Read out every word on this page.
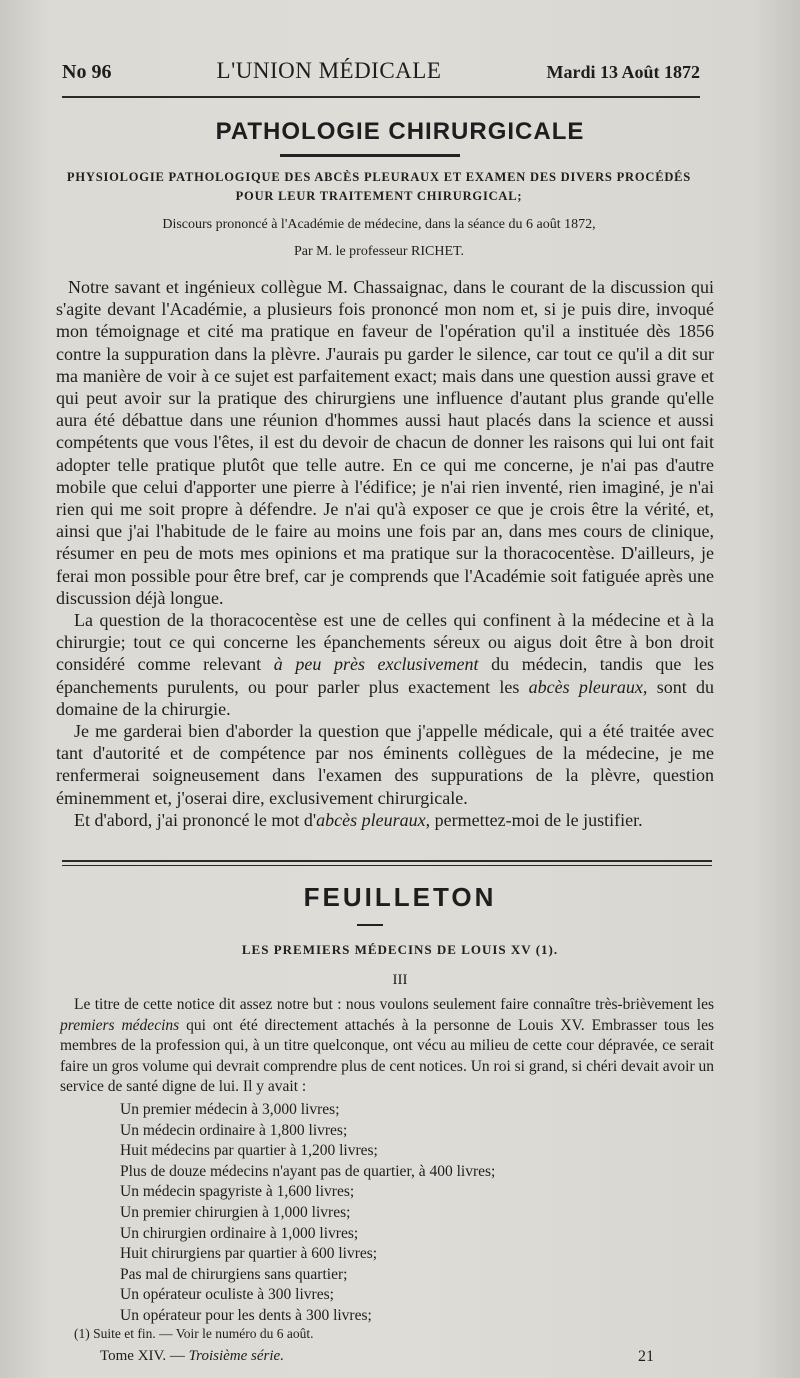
No 96	L'UNION MÉDICALE	Mardi 13 Août 1872
PATHOLOGIE CHIRURGICALE
PHYSIOLOGIE PATHOLOGIQUE DES ABCÈS PLEURAUX ET EXAMEN DES DIVERS PROCÉDÉS
POUR LEUR TRAITEMENT CHIRURGICAL;
Discours prononcé à l'Académie de médecine, dans la séance du 6 août 1872,
Par M. le professeur RICHET.

Notre savant et ingénieux collègue M. Chassaignac, dans le courant de la discussion qui s'agite devant l'Académie, a plusieurs fois prononcé mon nom et, si je puis dire, invoqué mon témoignage et cité ma pratique en faveur de l'opération qu'il a instituée dès 1856 contre la suppuration dans la plèvre. J'aurais pu garder le silence, car tout ce qu'il a dit sur ma manière de voir à ce sujet est parfaitement exact; mais dans une question aussi grave et qui peut avoir sur la pratique des chirurgiens une influence d'autant plus grande qu'elle aura été débattue dans une réunion d'hommes aussi haut placés dans la science et aussi compétents que vous l'êtes, il est du devoir de chacun de donner les raisons qui lui ont fait adopter telle pratique plutôt que telle autre. En ce qui me concerne, je n'ai pas d'autre mobile que celui d'apporter une pierre à l'édifice; je n'ai rien inventé, rien imaginé, je n'ai rien qui me soit propre à défendre. Je n'ai qu'à exposer ce que je crois être la vérité, et, ainsi que j'ai l'habitude de le faire au moins une fois par an, dans mes cours de clinique, résumer en peu de mots mes opinions et ma pratique sur la thoracocentèse. D'ailleurs, je ferai mon possible pour être bref, car je comprends que l'Académie soit fatiguée après une discussion déjà longue.

La question de la thoracocentèse est une de celles qui confinent à la médecine et à la chirurgie; tout ce qui concerne les épanchements séreux ou aigus doit être à bon droit considéré comme relevant à peu près exclusivement du médecin, tandis que les épanchements purulents, ou pour parler plus exactement les abcès pleuraux, sont du domaine de la chirurgie.

Je me garderai bien d'aborder la question que j'appelle médicale, qui a été traitée avec tant d'autorité et de compétence par nos éminents collègues de la médecine, je me renfermerai soigneusement dans l'examen des suppurations de la plèvre, question éminemment et, j'oserai dire, exclusivement chirurgicale.

Et d'abord, j'ai prononcé le mot d'abcès pleuraux, permettez-moi de le justifier.

FEUILLETON
LES PREMIERS MÉDECINS DE LOUIS XV (1).
III

Le titre de cette notice dit assez notre but : nous voulons seulement faire connaître très-brièvement les premiers médecins qui ont été directement attachés à la personne de Louis XV. Embrasser tous les membres de la profession qui, à un titre quelconque, ont vécu au milieu de cette cour dépravée, ce serait faire un gros volume qui devrait comprendre plus de cent notices. Un roi si grand, si chéri devait avoir un service de santé digne de lui. Il y avait :

Un premier médecin à 3,000 livres;
Un médecin ordinaire à 1,800 livres;
Huit médecins par quartier à 1,200 livres;
Plus de douze médecins n'ayant pas de quartier, à 400 livres;
Un médecin spagyriste à 1,600 livres;
Un premier chirurgien à 1,000 livres;
Un chirurgien ordinaire à 1,000 livres;
Huit chirurgiens par quartier à 600 livres;
Pas mal de chirurgiens sans quartier;
Un opérateur oculiste à 300 livres;
Un opérateur pour les dents à 300 livres;
(1) Suite et fin. — Voir le numéro du 6 août.
Tome XIV. — Troisième série.	21
